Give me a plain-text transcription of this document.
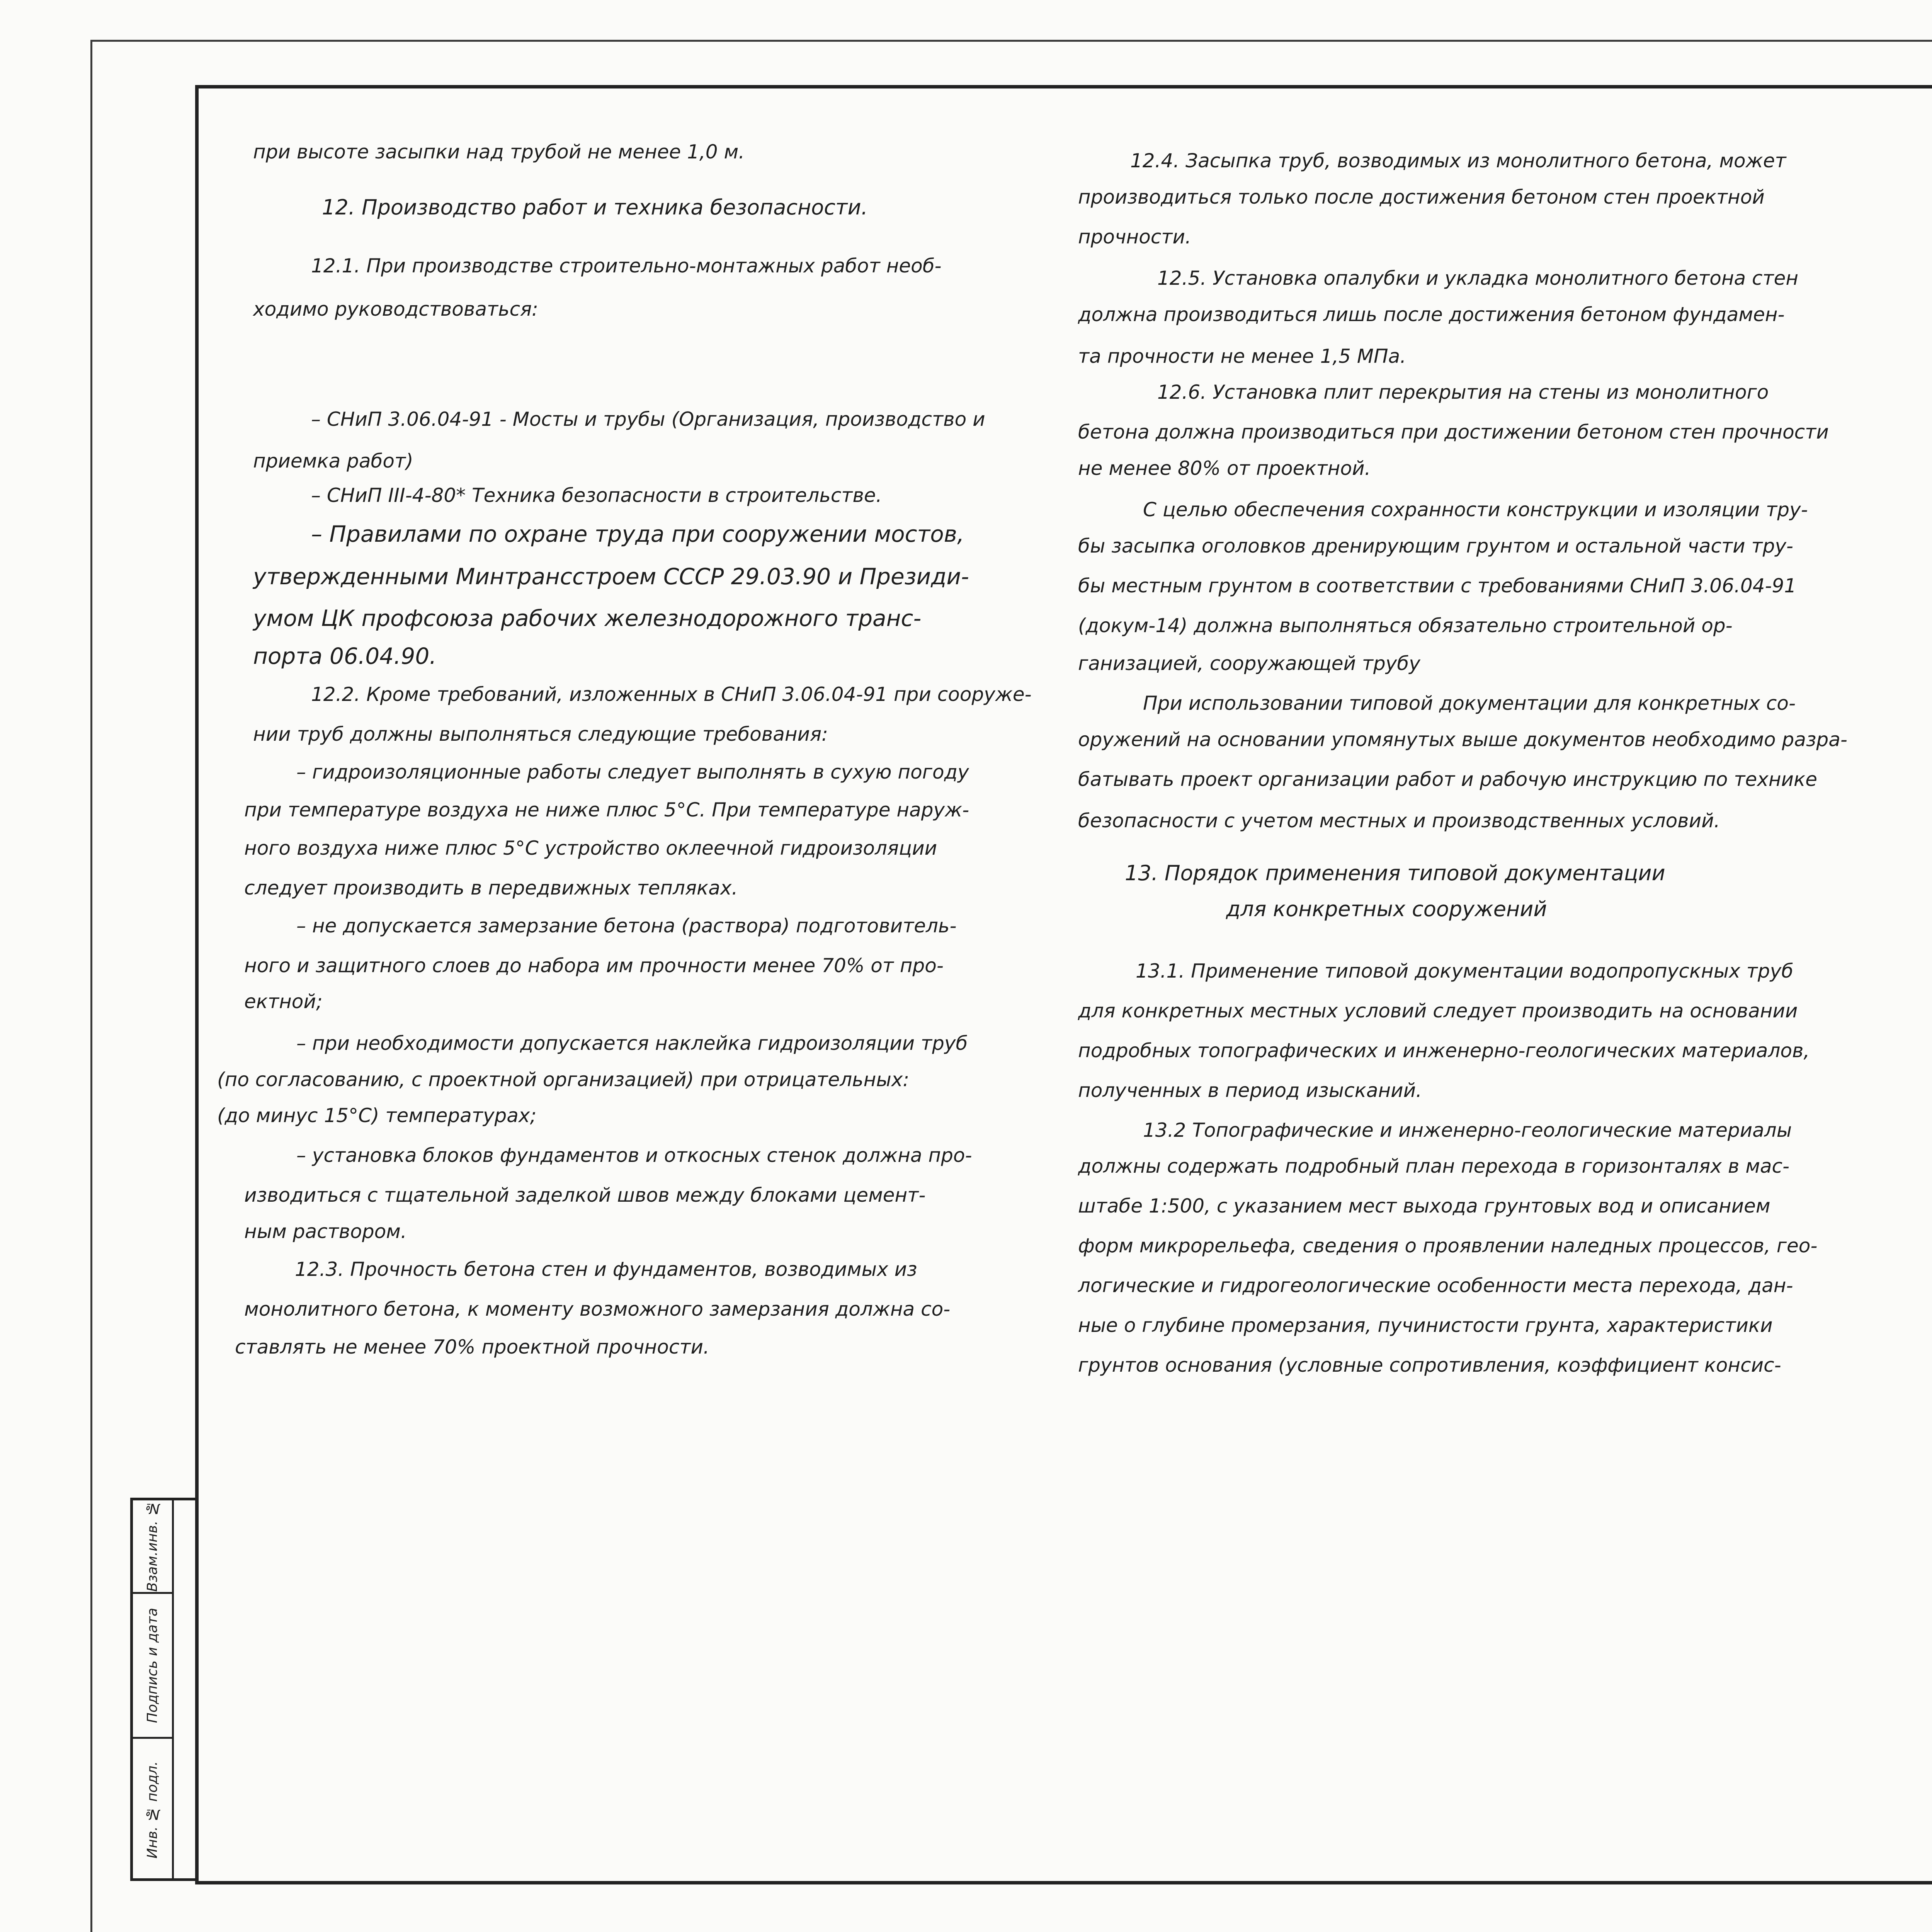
при высоте засыпки над трубой не менее 1,0 м.
12. Производство работ и техника безопасности.
12.1. При производстве строительно-монтажных работ необ-
ходимо руководствоваться:
– СНиП 3.06.04-91 - Мосты и трубы (Организация, производство и
приемка работ)
– СНиП III-4-80* Техника безопасности в строительстве.
– Правилами по охране труда при сооружении мостов,
утвержденными Минтрансстроем СССР 29.03.90 и Президи-
умом ЦК профсоюза рабочих железнодорожного транс-
порта 06.04.90.
12.2. Кроме требований, изложенных в СНиП 3.06.04-91 при сооруже-
нии труб должны выполняться следующие требования:
– гидроизоляционные работы следует выполнять в сухую погоду
при температуре воздуха не ниже плюс 5°С. При температуре наруж-
ного воздуха ниже плюс 5°С устройство оклеечной гидроизоляции
следует производить в передвижных тепляках.
– не допускается замерзание бетона (раствора) подготовитель-
ного и защитного слоев до набора им прочности менее 70% от про-
ектной;
– при необходимости допускается наклейка гидроизоляции труб
(по согласованию, с проектной организацией) при отрицательных:
(до минус 15°С) температурах;
– установка блоков фундаментов и откосных стенок должна про-
изводиться с тщательной заделкой швов между блоками цемент-
ным раствором.
12.3. Прочность бетона стен и фундаментов, возводимых из
монолитного бетона, к моменту возможного замерзания должна со-
ставлять не менее 70% проектной прочности.
12.4. Засыпка труб, возводимых из монолитного бетона, может
производиться только после достижения бетоном стен проектной
прочности.
12.5. Установка опалубки и укладка монолитного бетона стен
должна производиться лишь после достижения бетоном фундамен-
та прочности не менее 1,5 МПа.
12.6. Установка плит перекрытия на стены из монолитного
бетона должна производиться при достижении бетоном стен прочности
не менее 80% от проектной.
С целью обеспечения сохранности конструкции и изоляции тру-
бы засыпка оголовков дренирующим грунтом и остальной части тру-
бы местным грунтом в соответствии с требованиями СНиП 3.06.04-91
(докум-14) должна выполняться обязательно строительной ор-
ганизацией, сооружающей трубу
При использовании типовой документации для конкретных со-
оружений на основании упомянутых выше документов необходимо разра-
батывать проект организации работ и рабочую инструкцию по технике
безопасности с учетом местных и производственных условий.
13. Порядок применения типовой документации
для конкретных сооружений
13.1. Применение типовой документации водопропускных труб
для конкретных местных условий следует производить на основании
подробных топографических и инженерно-геологических материалов,
полученных в период изысканий.
13.2 Топографические и инженерно-геологические материалы
должны содержать подробный план перехода в горизонталях в мас-
штабе 1:500, с указанием мест выхода грунтовых вод и описанием
форм микрорельефа, сведения о проявлении наледных процессов, гео-
логические и гидрогеологические особенности места перехода, дан-
ные о глубине промерзания, пучинистости грунта, характеристики
грунтов основания (условные сопротивления, коэффициент консис-
Взам.инв. №
Подпись и дата
Инв. № подл.
